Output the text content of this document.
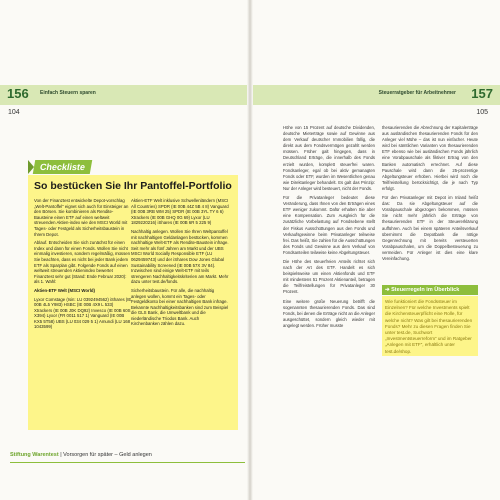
156 Einfach Steuern sparen	157
Steuerratgeber für Arbeitnehmer
104	105
Checkliste
So bestücken Sie Ihr Pantoffel-Portfolio

Von der Finanztest entwickelte Depot-vorschlag „Welt-Pantoffel“ eignet sich auch für Einsteiger an den Börsen. Sie kombinieren als Rendite-Bausteine einen ETF auf einen weltweit streuenden Aktien-index wie den MSCI World mit Tages- oder Festgeld als Sicherheitsbaustein in Ihrem Depot.

Ablauf. Entscheiden Sie sich zunächst für einen Index und dann für einen Fonds. Wollen Sie nicht einmalig investieren, sondern regelmäßig, müssen Sie beachten, dass es nicht bei jeder Bank jedem ETF als Sparplan gibt. Folgende Fonds auf einen weltweit streuenden Aktienindex bewertet Finanztest sehr gut (Stand: Ende Februar 2020): als 1. Wahl:

Aktien-ETF Welt (MSCI World)

Lyxor Comstage (Isin: LU 0392494562) iShares (IE 00B 4L5 Y983) HSBC (IE 00B 4X9 L 533) Xtrackers (IE 00B J0K DQ92) Invesco (IE 00B 60S X394) Lyxor (FR 0011 517 1) Vanguard (IE 00B KX5 5T58) UBS (LU 034 029 5 1) Amundi (LU 168 1043599)

Aktien-ETF Welt inklusive Schwellenländern (MSCI All Countries) SPDR (IE 00B 44Z 5B 4 8) Vanguard (IE 00B 3RB WM 25) SPDR (IE 00B 3YL TY 6 6) Xtrackers (IE 00B GHQ 0G 69) Lyxor (LU 1829220216) iShares (IE 00B 6R 5 225 9)

Nachhaltig anlegen. Wollen Sie Ihren Weltpantoffel mit nachhaltigen Geldanlagen bestücken, kommen nachhaltige Welt-ETF als Rendite-Baustein infrage. Seit mehr als fünf Jahren am Markt und der UBS MSCI World Socially Responsible ETF (LU 0629459743) und der iShares Dow Jones Global Sustainability Screened (IE 00B 57X 3V 84). Inzwischen sind einige Welt-ETF mit teils strengeren Nachhaltigkeitskriterien am Markt. Mehr dazu unter test.de/fonds.

Sicherheitsbaustein. Für alle, die nachhaltig anlegen wollen, kommt ein Tages- oder Festgeldkonto bei einer nachhaltigen Bank infrage. Bekannte Nachhaltigkeitsbanken sind zum Beispiel die GLS Bank, die Umweltbank und die niederländische Triodos Bank. Auch Kirchenbanken zählen dazu.

Stiftung Warentest | Vorsorgen für später – Geld anlegen

Höhe von 15 Prozent auf deutsche Dividenden, deutsche Mieterträge sowie auf Gewinne aus dem Verkauf deutscher Immobilien fällig, die direkt aus dem Fondsvermögen gezahlt werden müssen. Früher galt hingegen, dass in Deutschland Erträge, die innerhalb des Fonds erzielt wurden, komplett steuerfrei waren. Fondsanleger, egal ob bei aktiv gemanagten Fonds oder ETF, wurden im Wesentlichen genau wie Direktanleger behandelt. Es galt das Prinzip: Nur der Anleger wird besteuert, nicht der Fonds.

Für die Privatanleger bedeutet diese Veränderung, dass Ihnen von den Erträgen eines ETF weniger zukommt. Dafür erhalten Sie aber eine Kompensation. Zum Ausgleich für die zusätzliche Vorbelastung auf Fondsebene stellt der Fiskus Ausschüttungen aus den Fonds und Verkaufsgewinne beim Privatanleger teilweise frei. Das heißt, Sie zahlen für die Ausschüttungen des Fonds und Gewinne aus dem Verkauf von Fondsanteilen teilweise keine Abgeltungsteuer.

Die Höhe des steuerfreien Anteils richtet sich nach der Art des ETF. Handelt es sich beispielsweise um einen Aktienfonds und ETF mit mindestens 51 Prozent Aktienanteil, betragen die Teilfreistellungen für Privatanleger 30 Prozent.

Eine weitere große Neuerung betrifft die sogenannten thesaurierenden Fonds. Das sind Fonds, bei denen die Erträge nicht an die Anleger ausgeschüttet, sondern gleich wieder mit angelegt werden. Früher musste

thesaurierenden die Abrechnung der Kapitalerträge aus ausländischen thesaurierenden Fonds für den Anleger viel Mühe – das ist nun einfacher. Heute wird bei sämtlichen Varianten von thesaurierenden ETF ebenso wie bei ausländischen Fonds jährlich eine Vorabpauschale als fiktiver Ertrag von den Banken automatisch errechnet. Auf diese Pauschale wird dann die 25-prozentige Abgeltungsteuer erhoben. Hierbei wird noch die Teilfreistellung berücksichtigt, die je nach Typ erfolgt.

Für den Privatanleger mit Depot im Inland heißt das: Da sie Abgeltungsteuer auf die Vorabpauschale abgezogen bekommen, müssen Sie nicht mehr jährlich die Erträge von thesaurierenden ETF in der Steuererklärung aufführen. Auch bei einem späteren Anteilsverkauf übernimmt die Depotbank die nötige Gegenrechnung mit bereits versteuerten Vorabpauschalen, um die Doppelbesteuerung zu vermeiden. Für Anleger ist dies eine klare Vereinfachung.

➔ Steuerregeln im Überblick
Wie funktioniert die Fondssteuer im Einzelnen? Für welche Investments spielt die Kirchensteuerpflicht eine Rolle, für welche nicht? Was gilt bei thesaurierenden Fonds? Mehr zu diesen Fragen finden Sie unter test.de, Suchwort „Investmentsteuerreform“ und im Ratgeber „Anlegen mit ETF“, erhältlich unter test.de/shop.
